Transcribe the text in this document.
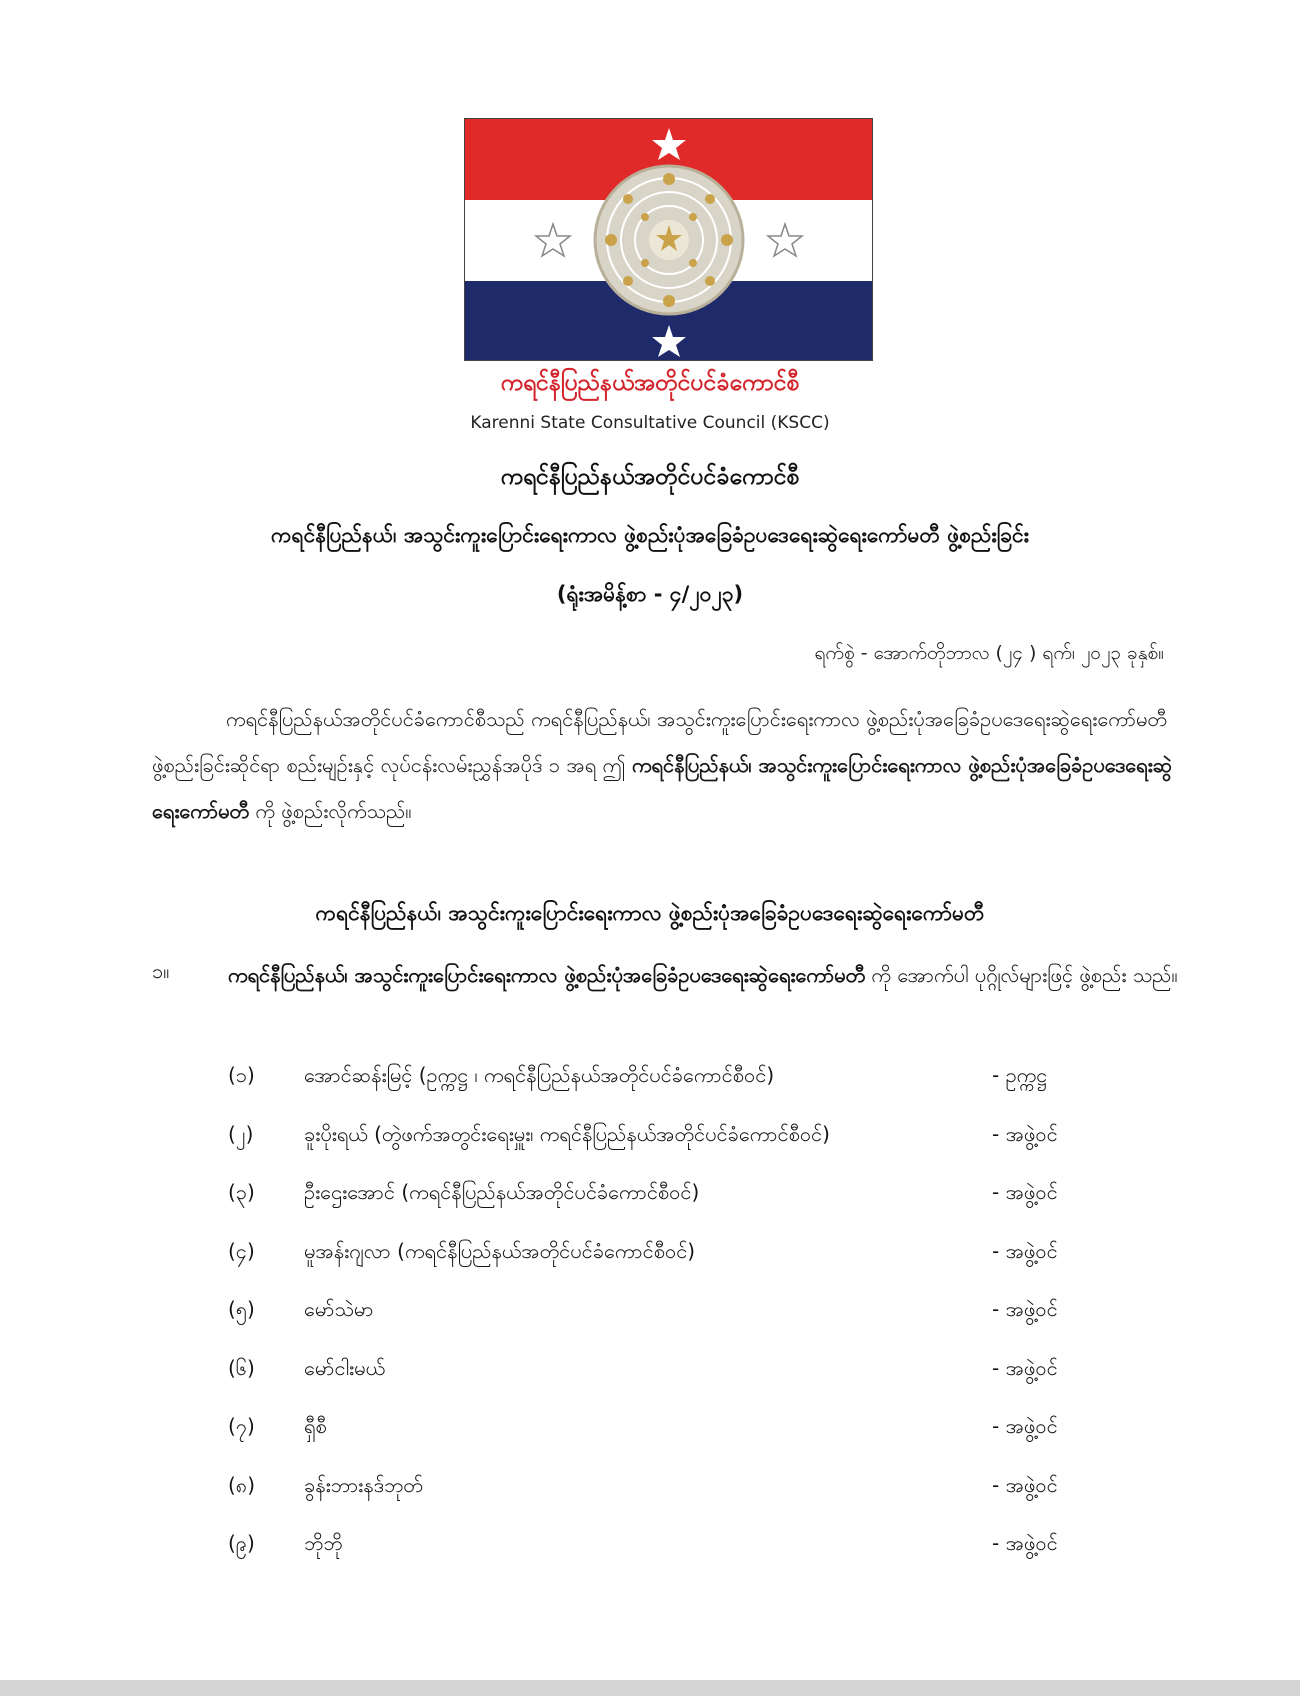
ကရင်နီပြည်နယ်အတိုင်ပင်ခံကောင်စီ
Karenni State Consultative Council (KSCC)
ကရင်နီပြည်နယ်အတိုင်ပင်ခံကောင်စီ
ကရင်နီပြည်နယ်၊ အသွင်းကူးပြောင်းရေးကာလ ဖွဲ့စည်းပုံအခြေခံဥပဒေရေးဆွဲရေးကော်မတီ ဖွဲ့စည်းခြင်း
(ရုံးအမိန့်စာ - ၄/၂၀၂၃)
ရက်စွဲ - အောက်တိုဘာလ (၂၄ ) ရက်၊ ၂၀၂၃ ခုနှစ်။
ကရင်နီပြည်နယ်အတိုင်ပင်ခံကောင်စီသည် ကရင်နီပြည်နယ်၊ အသွင်းကူးပြောင်းရေးကာလ ဖွဲ့စည်းပုံအခြေခံဥပဒေရေးဆွဲရေးကော်မတီ ဖွဲ့စည်းခြင်းဆိုင်ရာ စည်းမျဉ်းနှင့် လုပ်ငန်းလမ်းညွှန်အပိုဒ် ၁ အရ ဤ ကရင်နီပြည်နယ်၊ အသွင်းကူးပြောင်းရေးကာလ ဖွဲ့စည်းပုံအခြေခံဥပဒေရေးဆွဲရေးကော်မတီ ကို ဖွဲ့စည်းလိုက်သည်။
ကရင်နီပြည်နယ်၊ အသွင်းကူးပြောင်းရေးကာလ ဖွဲ့စည်းပုံအခြေခံဥပဒေရေးဆွဲရေးကော်မတီ
၁။	ကရင်နီပြည်နယ်၊ အသွင်းကူးပြောင်းရေးကာလ ဖွဲ့စည်းပုံအခြေခံဥပဒေရေးဆွဲရေးကော်မတီ ကို အောက်ပါ ပုဂ္ဂိုလ်များဖြင့် ဖွဲ့စည်း သည်။
(၁)	အောင်ဆန်းမြင့် (ဥက္ကဋ္ဌ ၊ ကရင်နီပြည်နယ်အတိုင်ပင်ခံကောင်စီဝင်)	- ဥက္ကဋ္ဌ
(၂)	ခူးပိုးရယ် (တွဲဖက်အတွင်းရေးမှူး၊ ကရင်နီပြည်နယ်အတိုင်ပင်ခံကောင်စီဝင်)	- အဖွဲ့ဝင်
(၃)	ဦးဌေးအောင် (ကရင်နီပြည်နယ်အတိုင်ပင်ခံကောင်စီဝင်)	- အဖွဲ့ဝင်
(၄)	မူအန်းဂျလာ (ကရင်နီပြည်နယ်အတိုင်ပင်ခံကောင်စီဝင်)	- အဖွဲ့ဝင်
(၅)	မော်သဲမာ	- အဖွဲ့ဝင်
(၆)	မော်ငါးမယ်	- အဖွဲ့ဝင်
(၇)	ရှီစီ	- အဖွဲ့ဝင်
(၈)	ခွန်းဘားနဒ်ဘုတ်	- အဖွဲ့ဝင်
(၉)	ဘိုဘို	- အဖွဲ့ဝင်
